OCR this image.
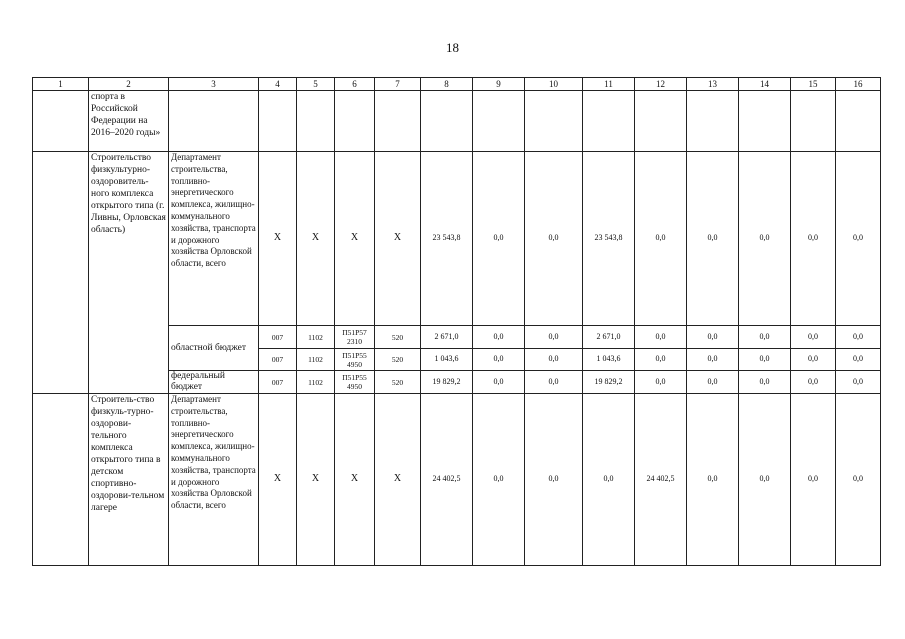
18
1	2	3	4	5	6	7	8	9	10	11	12	13	14	15	16
	спорта в Российской Федерации на 2016–2020 годы»														
	Строительство физкультурно-оздоровитель-ного комплекса открытого типа (г. Ливны, Орловская область)	Департамент строительства, топливно-энергетического комплекса, жилищно-коммунального хозяйства, транспорта и дорожного хозяйства Орловской области, всего	Х	Х	Х	Х	23 543,8	0,0	0,0	23 543,8	0,0	0,0	0,0	0,0	0,0
		областной бюджет	007	1102	П51Р57 2310	520	2 671,0	0,0	0,0	2 671,0	0,0	0,0	0,0	0,0	0,0
			007	1102	П51Р55 4950	520	1 043,6	0,0	0,0	1 043,6	0,0	0,0	0,0	0,0	0,0
		федеральный бюджет	007	1102	П51Р55 4950	520	19 829,2	0,0	0,0	19 829,2	0,0	0,0	0,0	0,0	0,0
	Строитель-ство физкуль-турно-оздорови-тельного комплекса открытого типа в детском спортивно-оздорови-тельном лагере	Департамент строительства, топливно-энергетического комплекса, жилищно-коммунального хозяйства, транспорта и дорожного хозяйства Орловской области, всего	Х	Х	Х	Х	24 402,5	0,0	0,0	0,0	24 402,5	0,0	0,0	0,0	0,0
